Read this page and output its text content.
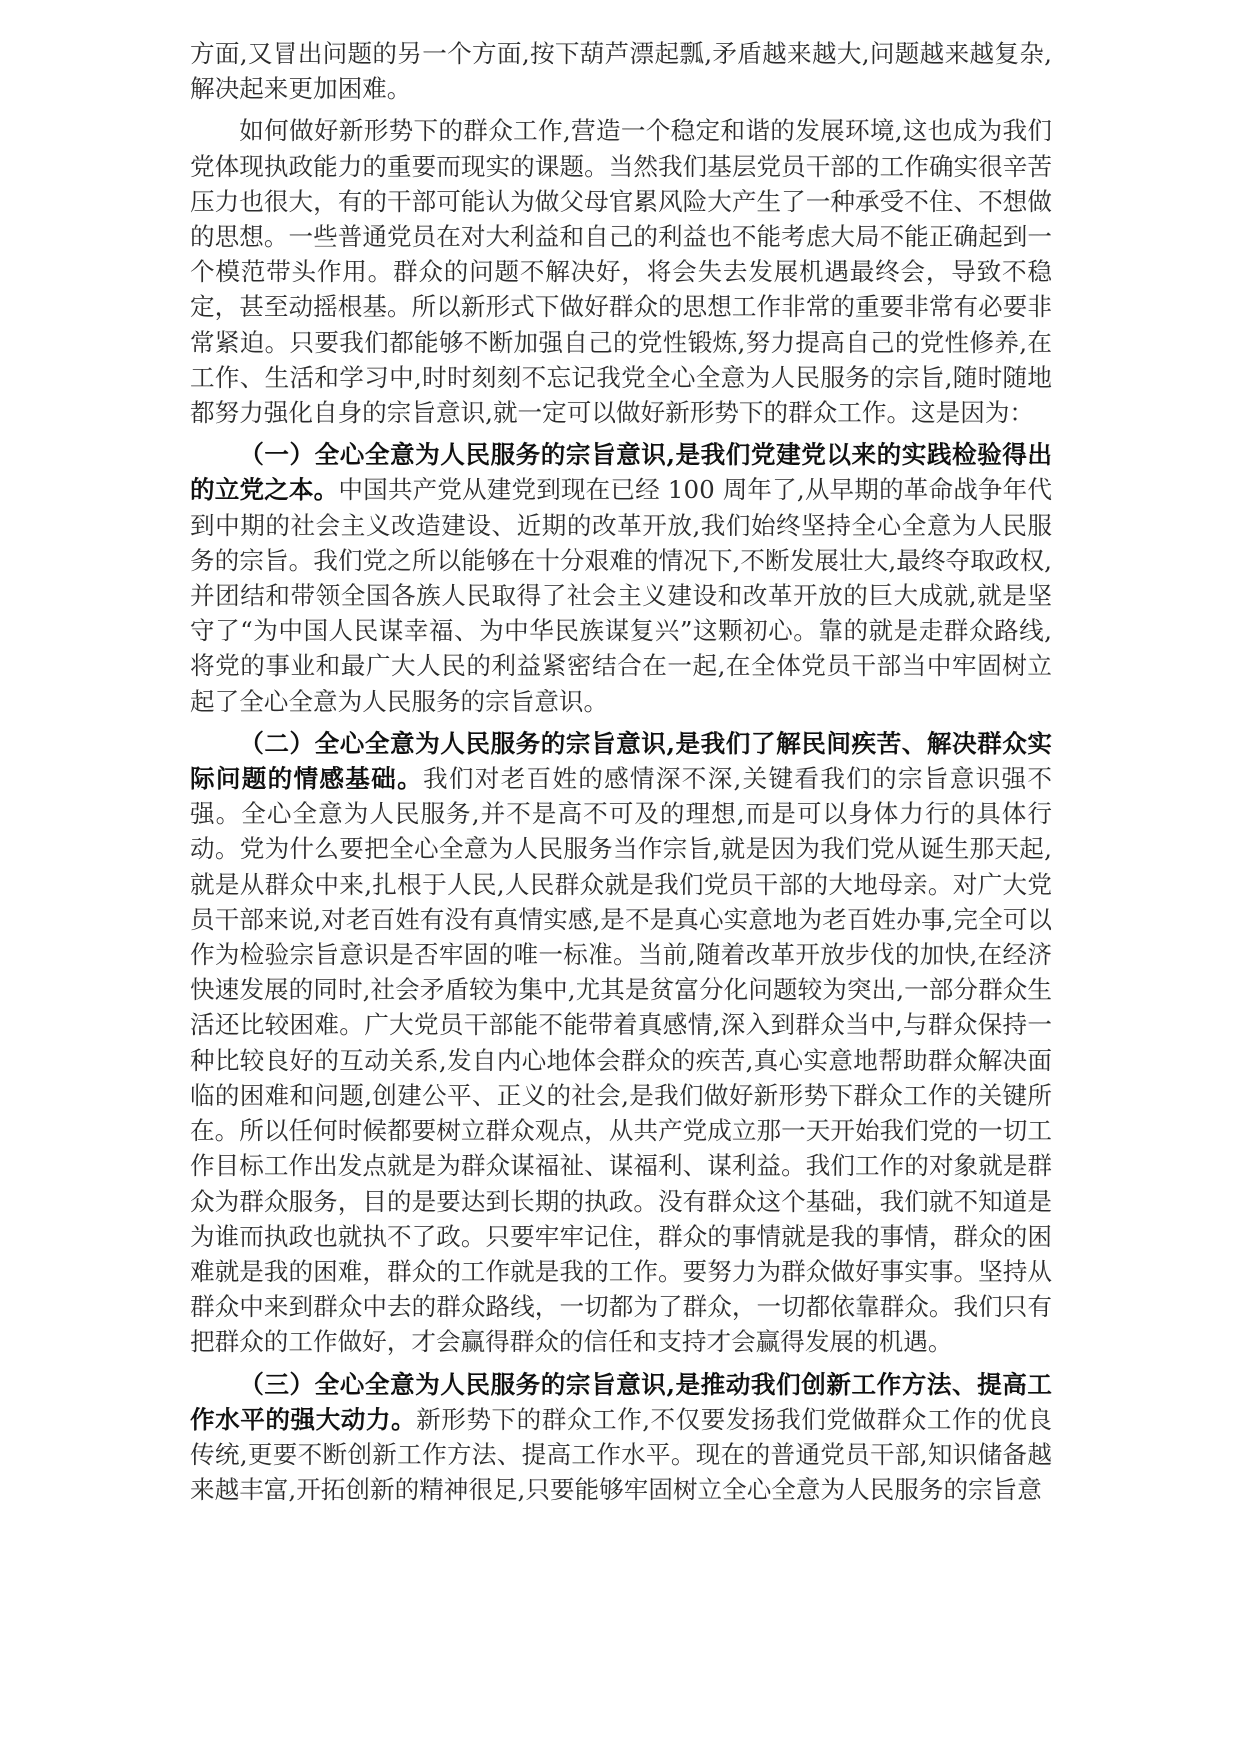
方面,又冒出问题的另一个方面,按下葫芦漂起瓢,矛盾越来越大,问题越来越复杂,解决起来更加困难。

如何做好新形势下的群众工作,营造一个稳定和谐的发展环境,这也成为我们党体现执政能力的重要而现实的课题。当然我们基层党员干部的工作确实很辛苦压力也很大，有的干部可能认为做父母官累风险大产生了一种承受不住、不想做的思想。一些普通党员在对大利益和自己的利益也不能考虑大局不能正确起到一个模范带头作用。群众的问题不解决好，将会失去发展机遇最终会，导致不稳定，甚至动摇根基。所以新形式下做好群众的思想工作非常的重要非常有必要非常紧迫。只要我们都能够不断加强自己的党性锻炼,努力提高自己的党性修养,在工作、生活和学习中,时时刻刻不忘记我党全心全意为人民服务的宗旨,随时随地都努力强化自身的宗旨意识,就一定可以做好新形势下的群众工作。这是因为：

（一）全心全意为人民服务的宗旨意识,是我们党建党以来的实践检验得出的立党之本。中国共产党从建党到现在已经 100 周年了,从早期的革命战争年代到中期的社会主义改造建设、近期的改革开放,我们始终坚持全心全意为人民服务的宗旨。我们党之所以能够在十分艰难的情况下,不断发展壮大,最终夺取政权,并团结和带领全国各族人民取得了社会主义建设和改革开放的巨大成就,就是坚守了“为中国人民谋幸福、为中华民族谋复兴”这颗初心。靠的就是走群众路线,将党的事业和最广大人民的利益紧密结合在一起,在全体党员干部当中牢固树立起了全心全意为人民服务的宗旨意识。

（二）全心全意为人民服务的宗旨意识,是我们了解民间疾苦、解决群众实际问题的情感基础。我们对老百姓的感情深不深,关键看我们的宗旨意识强不强。全心全意为人民服务,并不是高不可及的理想,而是可以身体力行的具体行动。党为什么要把全心全意为人民服务当作宗旨,就是因为我们党从诞生那天起,就是从群众中来,扎根于人民,人民群众就是我们党员干部的大地母亲。对广大党员干部来说,对老百姓有没有真情实感,是不是真心实意地为老百姓办事,完全可以作为检验宗旨意识是否牢固的唯一标准。当前,随着改革开放步伐的加快,在经济快速发展的同时,社会矛盾较为集中,尤其是贫富分化问题较为突出,一部分群众生活还比较困难。广大党员干部能不能带着真感情,深入到群众当中,与群众保持一种比较良好的互动关系,发自内心地体会群众的疾苦,真心实意地帮助群众解决面临的困难和问题,创建公平、正义的社会,是我们做好新形势下群众工作的关键所在。所以任何时候都要树立群众观点，从共产党成立那一天开始我们党的一切工作目标工作出发点就是为群众谋福祉、谋福利、谋利益。我们工作的对象就是群众为群众服务，目的是要达到长期的执政。没有群众这个基础，我们就不知道是为谁而执政也就执不了政。只要牢牢记住，群众的事情就是我的事情，群众的困难就是我的困难，群众的工作就是我的工作。要努力为群众做好事实事。坚持从群众中来到群众中去的群众路线，一切都为了群众，一切都依靠群众。我们只有把群众的工作做好，才会赢得群众的信任和支持才会赢得发展的机遇。

（三）全心全意为人民服务的宗旨意识,是推动我们创新工作方法、提高工作水平的强大动力。新形势下的群众工作,不仅要发扬我们党做群众工作的优良传统,更要不断创新工作方法、提高工作水平。现在的普通党员干部,知识储备越来越丰富,开拓创新的精神很足,只要能够牢固树立全心全意为人民服务的宗旨意
